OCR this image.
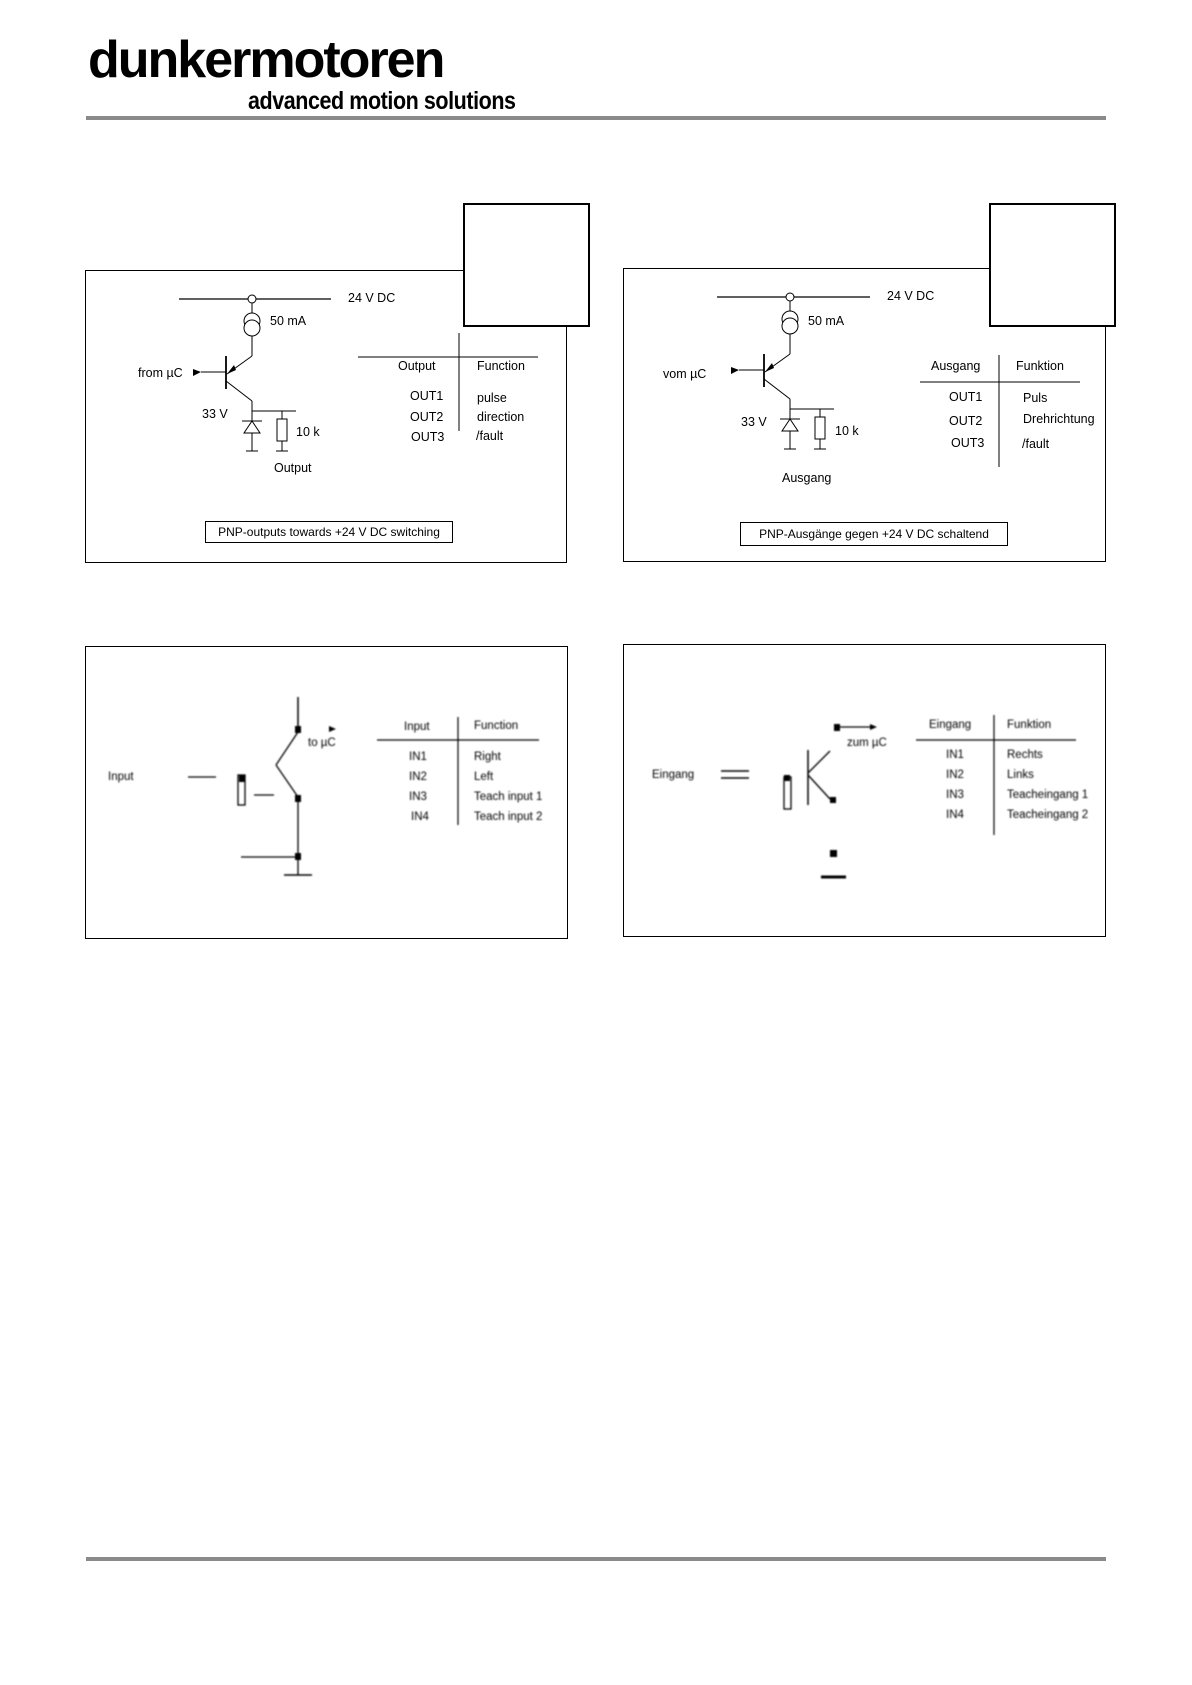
dunkermotoren
advanced motion solutions
24 V DC
50 mA
from µC
33 V
10 k
Output
Output	Function
OUT1	pulse
OUT2	direction
OUT3	/fault
PNP-outputs towards +24 V DC switching
24 V DC
50 mA
vom µC
33 V
10 k
Ausgang
Ausgang	Funktion
OUT1	Puls
OUT2	Drehrichtung
OUT3	/fault
PNP-Ausgänge gegen +24 V DC schaltend
Input
to µC
Input	Function
IN1	Right
IN2	Left
IN3	Teach input 1
IN4	Teach input 2
Eingang
zum µC
Eingang	Funktion
IN1	Rechts
IN2	Links
IN3	Teacheingang 1
IN4	Teacheingang 2
